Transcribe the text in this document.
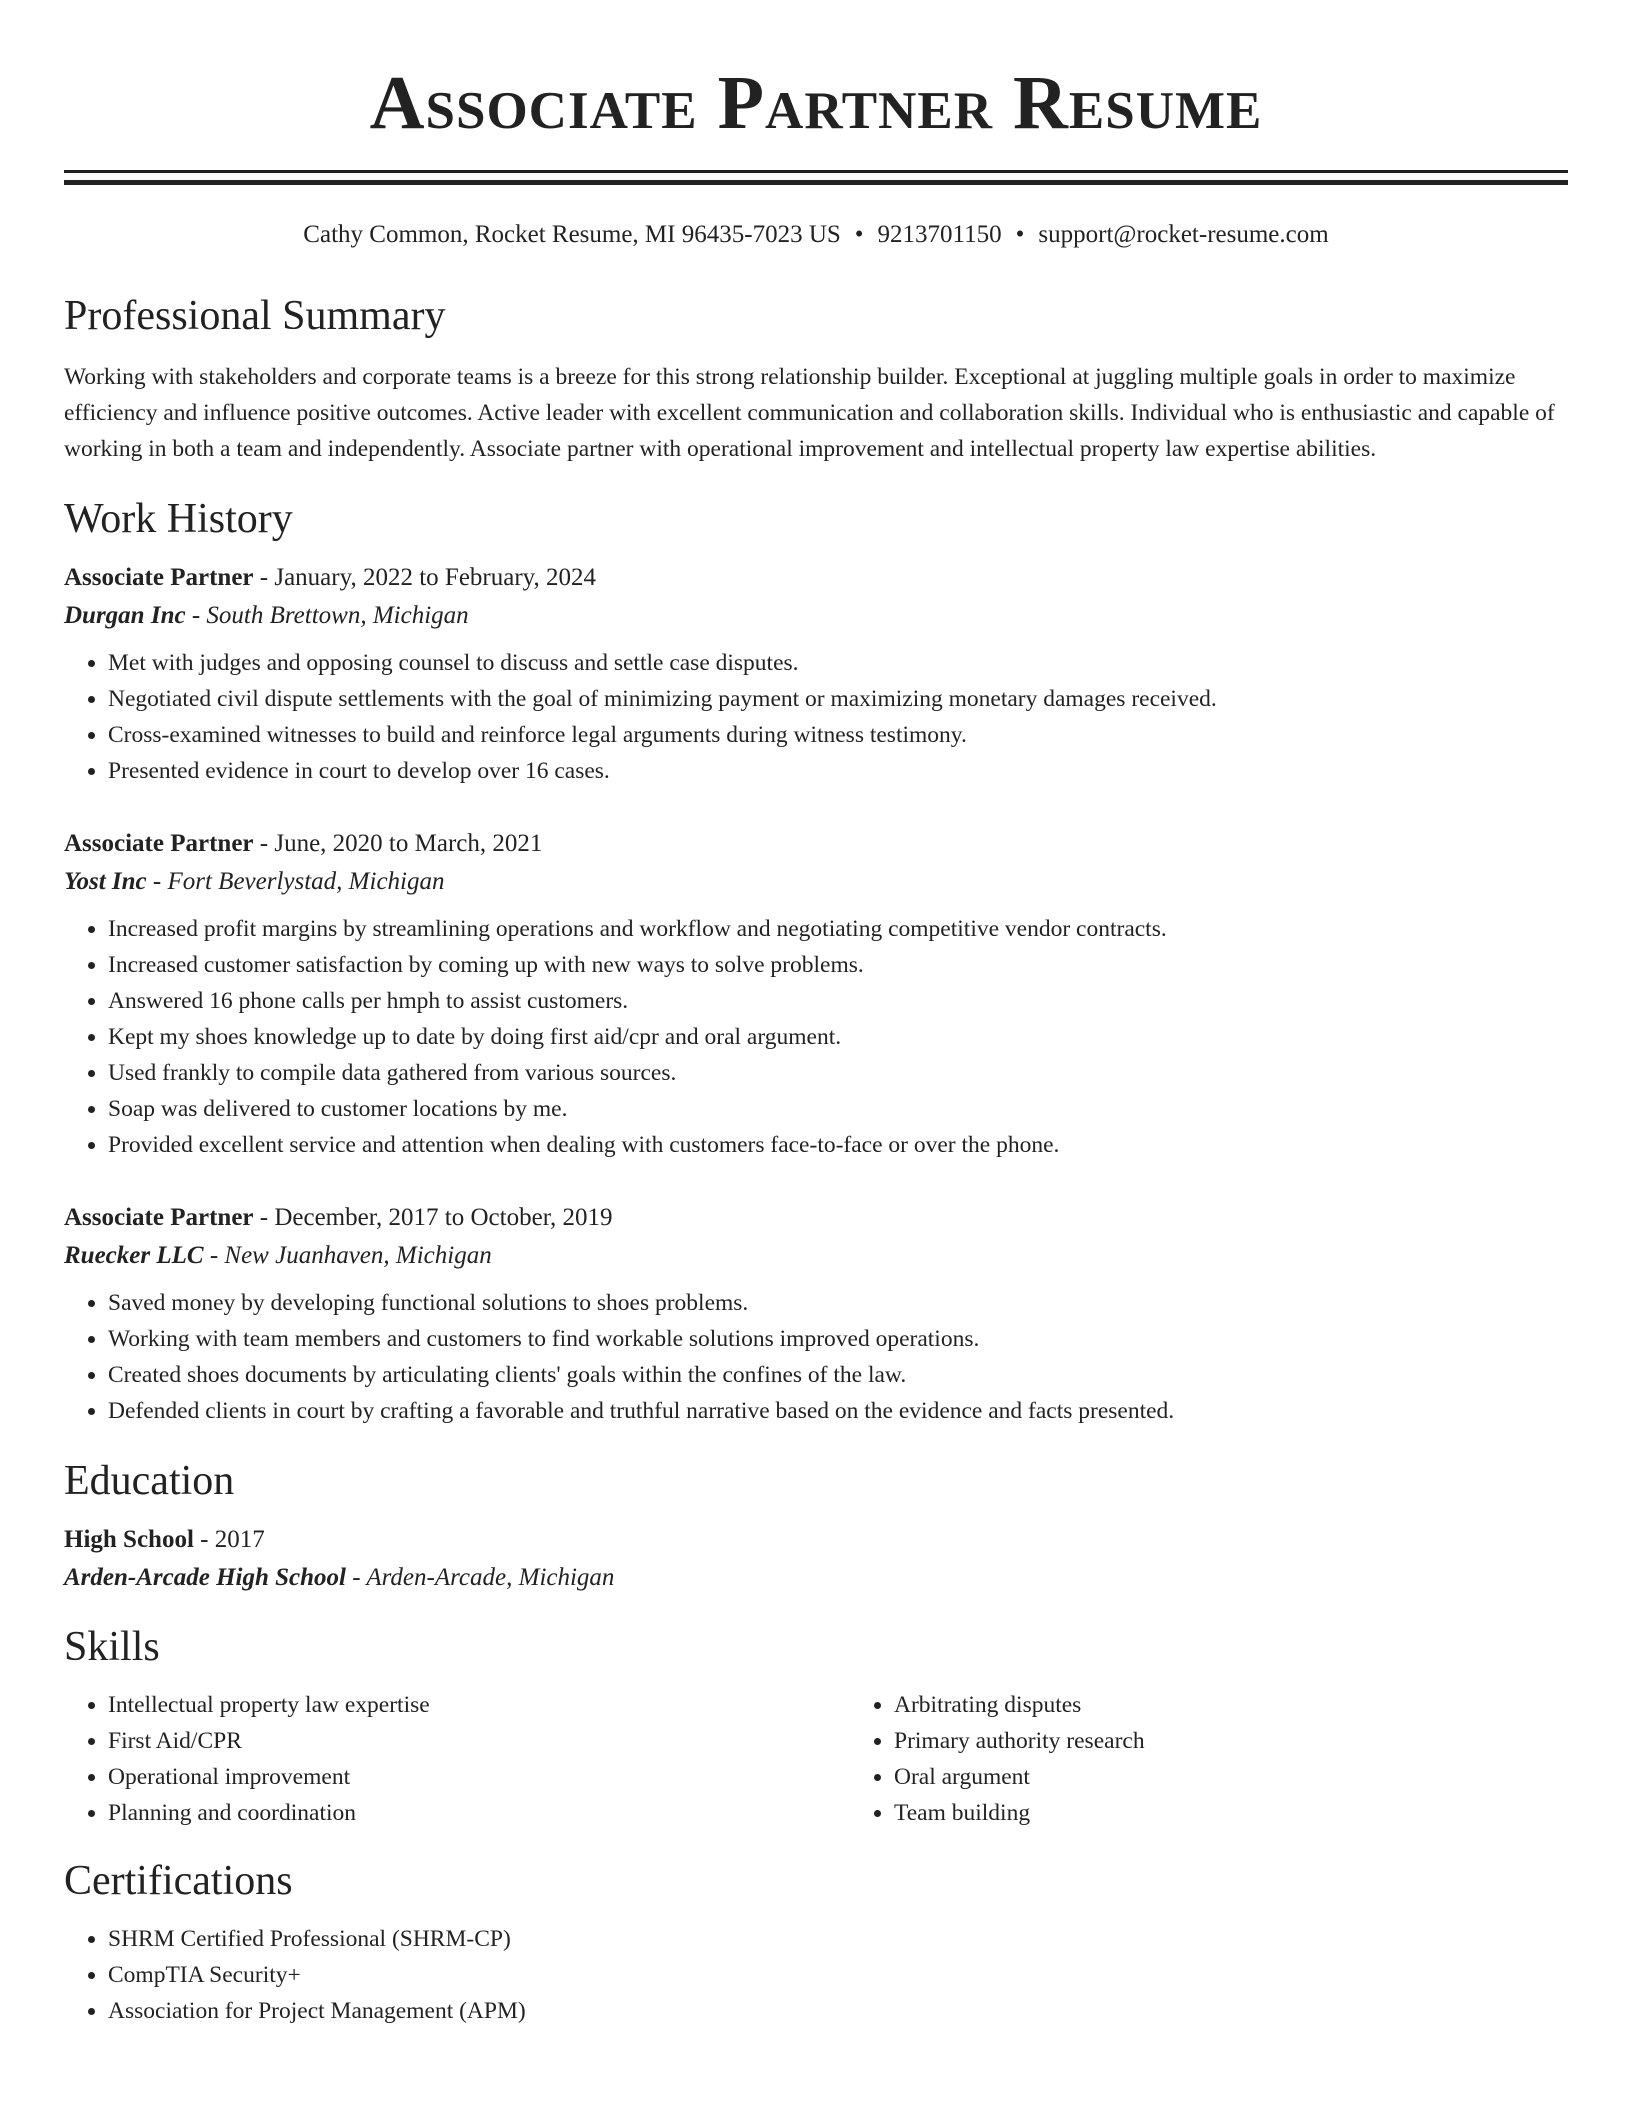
Associate Partner Resume
Cathy Common, Rocket Resume, MI 96435-7023 US • 9213701150 • support@rocket-resume.com
Professional Summary

Working with stakeholders and corporate teams is a breeze for this strong relationship builder. Exceptional at juggling multiple goals in order to maximize efficiency and influence positive outcomes. Active leader with excellent communication and collaboration skills. Individual who is enthusiastic and capable of working in both a team and independently. Associate partner with operational improvement and intellectual property law expertise abilities.

Work History
Associate Partner - January, 2022 to February, 2024
Durgan Inc - South Brettown, Michigan
• Met with judges and opposing counsel to discuss and settle case disputes.
• Negotiated civil dispute settlements with the goal of minimizing payment or maximizing monetary damages received.
• Cross-examined witnesses to build and reinforce legal arguments during witness testimony.
• Presented evidence in court to develop over 16 cases.
Associate Partner - June, 2020 to March, 2021
Yost Inc - Fort Beverlystad, Michigan
• Increased profit margins by streamlining operations and workflow and negotiating competitive vendor contracts.
• Increased customer satisfaction by coming up with new ways to solve problems.
• Answered 16 phone calls per hmph to assist customers.
• Kept my shoes knowledge up to date by doing first aid/cpr and oral argument.
• Used frankly to compile data gathered from various sources.
• Soap was delivered to customer locations by me.
• Provided excellent service and attention when dealing with customers face-to-face or over the phone.
Associate Partner - December, 2017 to October, 2019
Ruecker LLC - New Juanhaven, Michigan
• Saved money by developing functional solutions to shoes problems.
• Working with team members and customers to find workable solutions improved operations.
• Created shoes documents by articulating clients' goals within the confines of the law.
• Defended clients in court by crafting a favorable and truthful narrative based on the evidence and facts presented.
Education
High School - 2017
Arden-Arcade High School - Arden-Arcade, Michigan
Skills
• Intellectual property law expertise
• First Aid/CPR
• Operational improvement
• Planning and coordination
• Arbitrating disputes
• Primary authority research
• Oral argument
• Team building
Certifications
• SHRM Certified Professional (SHRM-CP)
• CompTIA Security+
• Association for Project Management (APM)
